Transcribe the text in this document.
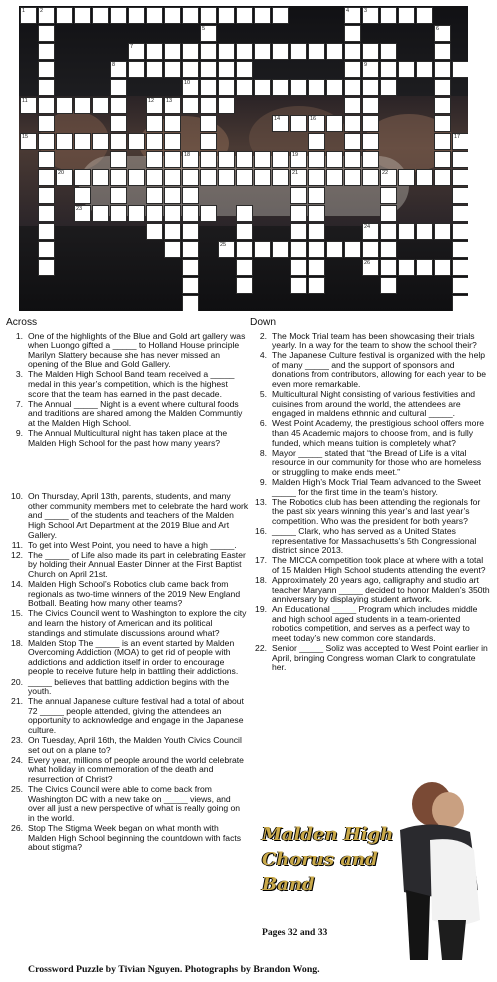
1	2	3
7
8	9
10
11	12 13
14	16
15
18	19
20	21	22
23
24
25
26
4
5	6
17
Across
1. One of the highlights of the Blue and Gold art gallery was when Luongo gifted a _____ to Holland House principle Marilyn Slattery because she has never missed an opening of the Blue and Gold Gallery.
3. The Malden High School Band team received a _____ medal in this year’s competition, which is the highest score that the team has earned in the past decade.
7. The Annual _____ Night is a event where cultural foods and traditions are shared among the Malden Communtiy at the Malden High School.
9. The Annual Multicultural night has taken place at the Malden High School for the past how many years?
10. On Thursday, April 13th, parents, students, and many other community members met to celebrate the hard work and _____ of the students and teachers of the Malden High School Art Department at the 2019 Blue and Art Gallery.
11. To get into West Point, you need to have a high _____.
12. The _____ of Life also made its part in celebrating Easter by holding their Annual Easter Dinner at the First Baptist Church on April 21st.
14. Malden High School’s Robotics club came back from regionals as two-time winners of the 2019 New England Botball. Beating how many other teams?
15. The Civics Council went to Washington to explore the city and learn the history of American and its political standings and stimulate discussions around what?
18. Malden Stop The _____ is an event started by Malden Overcoming Addiction (MOA) to get rid of people with addictions and addiction itself in order to encourage people to receive future help in battling their addictions.
20. _____ believes that battling addiction begins with the youth.
21. The annual Japanese culture festival had a total of about 72 _____ people attended, giving the attendees an opportunity to acknowledge and engage in the Japanese culture.
23. On Tuesday, April 16th, the Malden Youth Civics Council set out on a plane to?
24. Every year, millions of people around the world celebrate what holiday in commemoration of the death and resurrection of Christ?
25. The Civics Council were able to come back from Washington DC with a new take on _____ views, and over all just a new perspective of what is really going on in the world.
26. Stop The Stigma Week began on what month with Malden High School beginning the countdown with facts about stigma?
Down
2. The Mock Trial team has been showcasing their trials yearly. In a way for the team to show the school their?
4. The Japanese Culture festival is organized with the help of many _____ and the support of sponsors and donations from contributors, allowing for each year to be even more remarkable.
5. Multicultural Night consisting of various festivities and cuisines from around the world, the attendees are engaged in maldens ethnnic and cultural _____.
6. West Point Academy, the prestigious school offers more than 45 Academic majors to choose from, and is fully funded, which means tuition is completely what?
8. Mayor _____ stated that “the Bread of Life is a vital resource in our community for those who are homeless or struggling to make ends meet.”
9. Malden High’s Mock Trial Team advanced to the Sweet _____ for the first time in the team’s history.
13. The Robotics club has been attending the regionals for the past six years winning this year’s and last year’s competition. Who was the president for both years?
16. _____ Clark, who has served as a United States representative for Massachusetts’s 5th Congressional district since 2013.
17. The MICCA competition took place at where with a total of 15 Malden High School students attending the event?
18. Approximately 20 years ago, calligraphy and studio art teacher Maryann _____ decided to honor Malden’s 350th anniversary by displaying student artwork.
19. An Educational _____ Program which includes middle and high school aged students in a team-oriented robotics competition, and serves as a perfect way to meet today’s new common core standards.
22. Senior _____ Soliz was accepted to West Point earlier in April, bringing Congress woman Clark to congratulate her.
Malden High
Chorus and
Band
Pages 32 and 33
Crossword Puzzle by Tivian Nguyen. Photographs by Brandon Wong.
